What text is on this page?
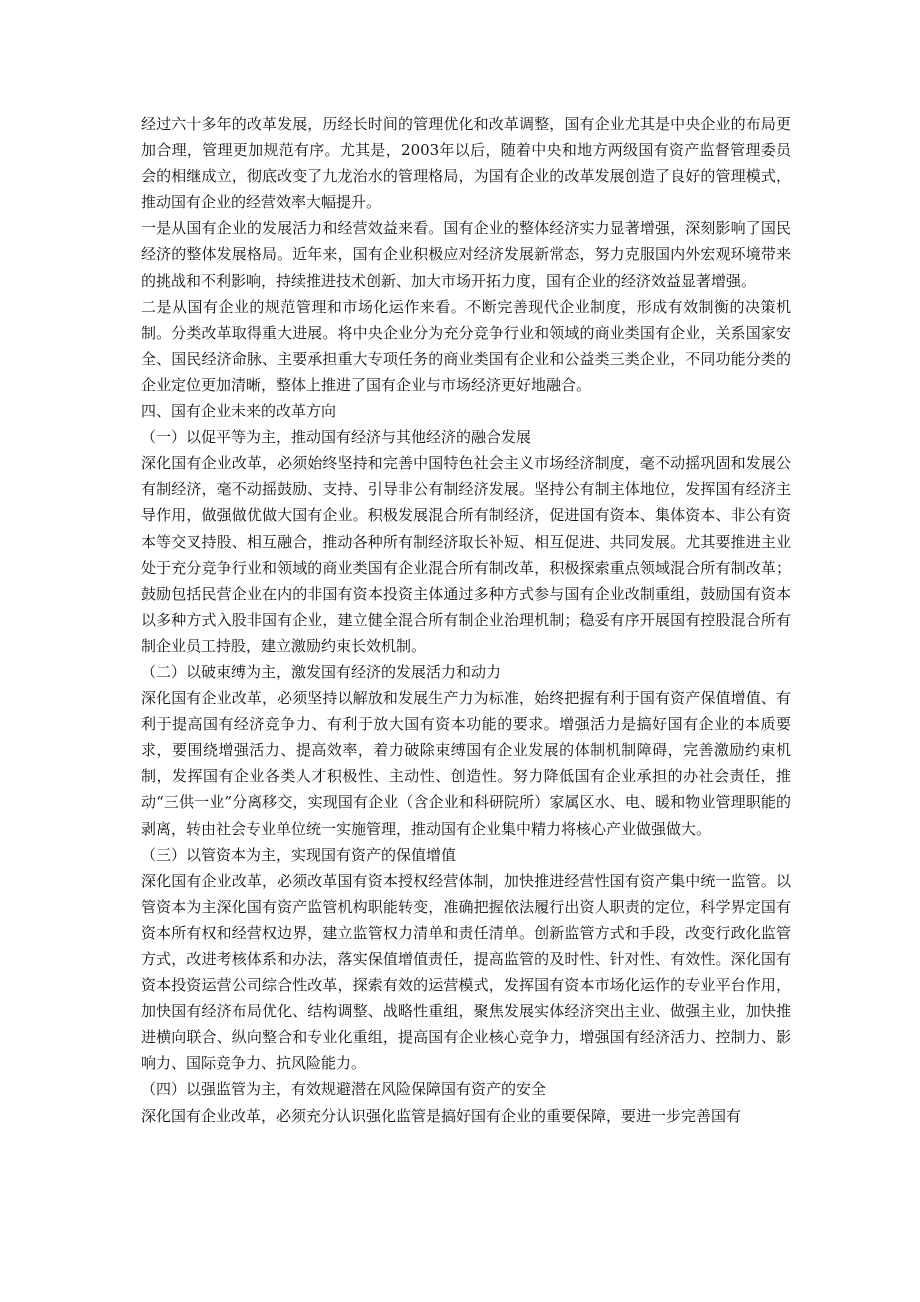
经过六十多年的改革发展，历经长时间的管理优化和改革调整，国有企业尤其是中央企业的布局更加合理，管理更加规范有序。尤其是，2003年以后，随着中央和地方两级国有资产监督管理委员会的相继成立，彻底改变了九龙治水的管理格局，为国有企业的改革发展创造了良好的管理模式，推动国有企业的经营效率大幅提升。

一是从国有企业的发展活力和经营效益来看。国有企业的整体经济实力显著增强，深刻影响了国民经济的整体发展格局。近年来，国有企业积极应对经济发展新常态，努力克服国内外宏观环境带来的挑战和不利影响，持续推进技术创新、加大市场开拓力度，国有企业的经济效益显著增强。

二是从国有企业的规范管理和市场化运作来看。不断完善现代企业制度，形成有效制衡的决策机制。分类改革取得重大进展。将中央企业分为充分竞争行业和领域的商业类国有企业，关系国家安全、国民经济命脉、主要承担重大专项任务的商业类国有企业和公益类三类企业，不同功能分类的企业定位更加清晰，整体上推进了国有企业与市场经济更好地融合。

四、国有企业未来的改革方向

（一）以促平等为主，推动国有经济与其他经济的融合发展

深化国有企业改革，必须始终坚持和完善中国特色社会主义市场经济制度，毫不动摇巩固和发展公有制经济，毫不动摇鼓励、支持、引导非公有制经济发展。坚持公有制主体地位，发挥国有经济主导作用，做强做优做大国有企业。积极发展混合所有制经济，促进国有资本、集体资本、非公有资本等交叉持股、相互融合，推动各种所有制经济取长补短、相互促进、共同发展。尤其要推进主业处于充分竞争行业和领域的商业类国有企业混合所有制改革，积极探索重点领域混合所有制改革；鼓励包括民营企业在内的非国有资本投资主体通过多种方式参与国有企业改制重组，鼓励国有资本以多种方式入股非国有企业，建立健全混合所有制企业治理机制；稳妥有序开展国有控股混合所有制企业员工持股，建立激励约束长效机制。

（二）以破束缚为主，激发国有经济的发展活力和动力

深化国有企业改革，必须坚持以解放和发展生产力为标准，始终把握有利于国有资产保值增值、有利于提高国有经济竞争力、有利于放大国有资本功能的要求。增强活力是搞好国有企业的本质要求，要围绕增强活力、提高效率，着力破除束缚国有企业发展的体制机制障碍，完善激励约束机制，发挥国有企业各类人才积极性、主动性、创造性。努力降低国有企业承担的办社会责任，推动“三供一业”分离移交，实现国有企业（含企业和科研院所）家属区水、电、暖和物业管理职能的剥离，转由社会专业单位统一实施管理，推动国有企业集中精力将核心产业做强做大。

（三）以管资本为主，实现国有资产的保值增值

深化国有企业改革，必须改革国有资本授权经营体制，加快推进经营性国有资产集中统一监管。以管资本为主深化国有资产监管机构职能转变，准确把握依法履行出资人职责的定位，科学界定国有资本所有权和经营权边界，建立监管权力清单和责任清单。创新监管方式和手段，改变行政化监管方式，改进考核体系和办法，落实保值增值责任，提高监管的及时性、针对性、有效性。深化国有资本投资运营公司综合性改革，探索有效的运营模式，发挥国有资本市场化运作的专业平台作用，加快国有经济布局优化、结构调整、战略性重组，聚焦发展实体经济突出主业、做强主业，加快推进横向联合、纵向整合和专业化重组，提高国有企业核心竞争力，增强国有经济活力、控制力、影响力、国际竞争力、抗风险能力。

（四）以强监管为主，有效规避潜在风险保障国有资产的安全

深化国有企业改革，必须充分认识强化监管是搞好国有企业的重要保障，要进一步完善国有
